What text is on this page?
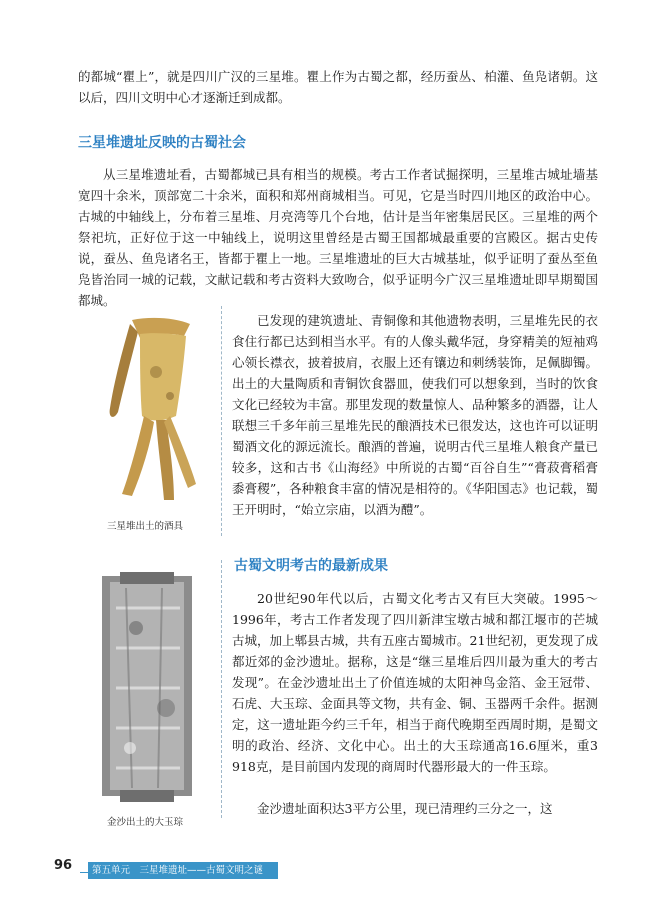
的都城“瞿上”，就是四川广汉的三星堆。瞿上作为古蜀之都，经历蚕丛、柏灌、鱼凫诸朝。这以后，四川文明中心才逐渐迁到成都。

三星堆遗址反映的古蜀社会

从三星堆遗址看，古蜀都城已具有相当的规模。考古工作者试掘探明，三星堆古城址墙基宽四十余米，顶部宽二十余米，面积和郑州商城相当。可见，它是当时四川地区的政治中心。古城的中轴线上，分布着三星堆、月亮湾等几个台地，估计是当年密集居民区。三星堆的两个祭祀坑，正好位于这一中轴线上，说明这里曾经是古蜀王国都城最重要的宫殿区。据古史传说，蚕丛、鱼凫诸名王，皆都于瞿上一地。三星堆遗址的巨大古城基址，似乎证明了蚕丛至鱼凫皆治同一城的记载，文献记载和考古资料大致吻合，似乎证明今广汉三星堆遗址即早期蜀国都城。

三星堆出土的酒具

已发现的建筑遗址、青铜像和其他遗物表明，三星堆先民的衣食住行都已达到相当水平。有的人像头戴华冠，身穿精美的短袖鸡心领长襟衣，披着披肩，衣服上还有镶边和刺绣装饰，足佩脚镯。出土的大量陶质和青铜饮食器皿，使我们可以想象到，当时的饮食文化已经较为丰富。那里发现的数量惊人、品种繁多的酒器，让人联想三千多年前三星堆先民的酿酒技术已很发达，这也许可以证明蜀酒文化的源远流长。酿酒的普遍，说明古代三星堆人粮食产量已较多，这和古书《山海经》中所说的古蜀“百谷自生”“膏菽膏稻膏黍膏稷”，各种粮食丰富的情况是相符的。《华阳国志》也记载，蜀王开明时，“始立宗庙，以酒为醴”。

古蜀文明考古的最新成果
金沙出土的大玉琮

20世纪90年代以后，古蜀文化考古又有巨大突破。1995～1996年，考古工作者发现了四川新津宝墩古城和都江堰市的芒城古城，加上郫县古城，共有五座古蜀城市。21世纪初，更发现了成都近郊的金沙遗址。据称，这是“继三星堆后四川最为重大的考古发现”。在金沙遗址出土了价值连城的太阳神鸟金箔、金王冠带、石虎、大玉琮、金面具等文物，共有金、铜、玉器两千余件。据测定，这一遗址距今约三千年，相当于商代晚期至西周时期，是蜀文明的政治、经济、文化中心。出土的大玉琮通高16.6厘米，重3 918克，是目前国内发现的商周时代器形最大的一件玉琮。

金沙遗址面积达3平方公里，现已清理约三分之一，这

96 第五单元　三星堆遗址——古蜀文明之谜
